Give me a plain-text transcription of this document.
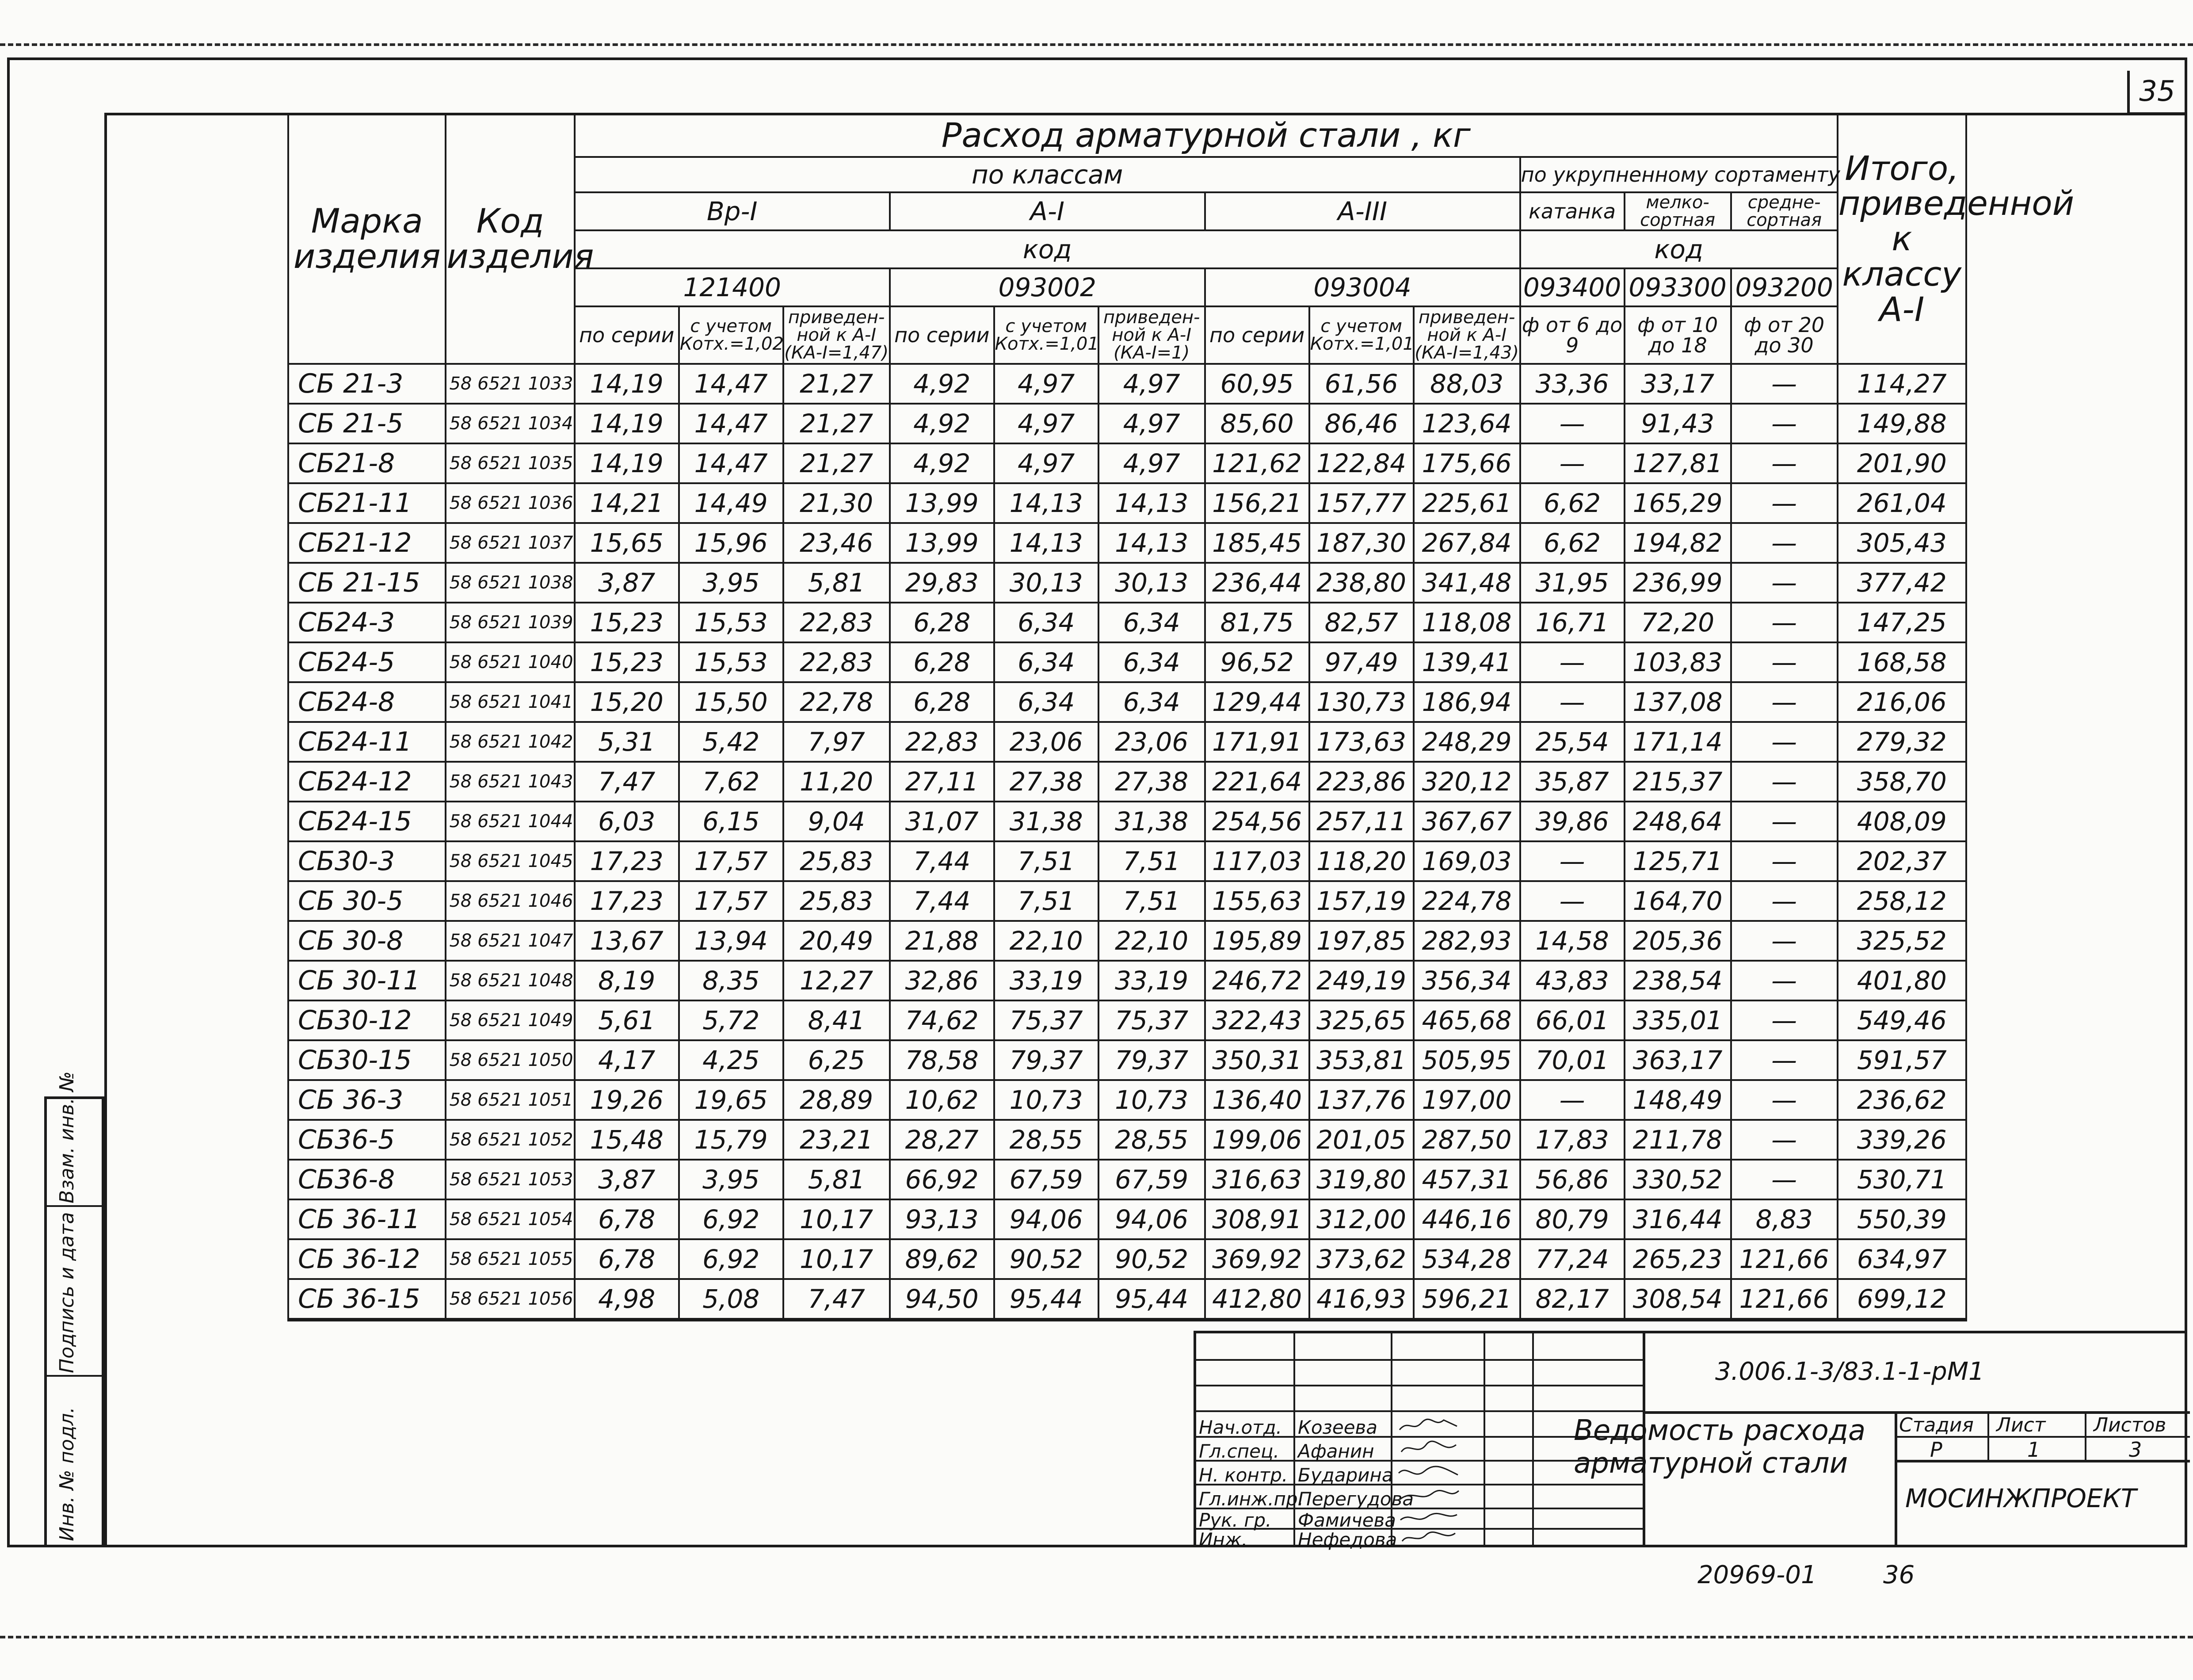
35
Взам. инв. №
Подпись и дата
Инв. № подл.
Марка изделия	Код изделия	Расход арматурной стали , кг												Итого, приведенной к классу А-I
		по классам									по укрупненному сортаменту			
		Вр-I			А-I			А-III			катанка	мелко-сортная	средне-сортная	
		код									код			
		121400			093002			093004			093400	093300	093200	
		по серии	с учетом Котх.=1,02	приведен-ной к А-I (КА-I=1,47)	по серии	с учетом Котх.=1,01	приведен-ной к А-I (КА-I=1)	по серии	с учетом Котх.=1,01	приведен-ной к А-I (КА-I=1,43)	ф от 6 до 9	ф от 10 до 18	ф от 20 до 30	
СБ 21-3	58 6521 1033	14,19	14,47	21,27	4,92	4,97	4,97	60,95	61,56	88,03	33,36	33,17	—	114,27
СБ 21-5	58 6521 1034	14,19	14,47	21,27	4,92	4,97	4,97	85,60	86,46	123,64	—	91,43	—	149,88
СБ21-8	58 6521 1035	14,19	14,47	21,27	4,92	4,97	4,97	121,62	122,84	175,66	—	127,81	—	201,90
СБ21-11	58 6521 1036	14,21	14,49	21,30	13,99	14,13	14,13	156,21	157,77	225,61	6,62	165,29	—	261,04
СБ21-12	58 6521 1037	15,65	15,96	23,46	13,99	14,13	14,13	185,45	187,30	267,84	6,62	194,82	—	305,43
СБ 21-15	58 6521 1038	3,87	3,95	5,81	29,83	30,13	30,13	236,44	238,80	341,48	31,95	236,99	—	377,42
СБ24-3	58 6521 1039	15,23	15,53	22,83	6,28	6,34	6,34	81,75	82,57	118,08	16,71	72,20	—	147,25
СБ24-5	58 6521 1040	15,23	15,53	22,83	6,28	6,34	6,34	96,52	97,49	139,41	—	103,83	—	168,58
СБ24-8	58 6521 1041	15,20	15,50	22,78	6,28	6,34	6,34	129,44	130,73	186,94	—	137,08	—	216,06
СБ24-11	58 6521 1042	5,31	5,42	7,97	22,83	23,06	23,06	171,91	173,63	248,29	25,54	171,14	—	279,32
СБ24-12	58 6521 1043	7,47	7,62	11,20	27,11	27,38	27,38	221,64	223,86	320,12	35,87	215,37	—	358,70
СБ24-15	58 6521 1044	6,03	6,15	9,04	31,07	31,38	31,38	254,56	257,11	367,67	39,86	248,64	—	408,09
СБ30-3	58 6521 1045	17,23	17,57	25,83	7,44	7,51	7,51	117,03	118,20	169,03	—	125,71	—	202,37
СБ 30-5	58 6521 1046	17,23	17,57	25,83	7,44	7,51	7,51	155,63	157,19	224,78	—	164,70	—	258,12
СБ 30-8	58 6521 1047	13,67	13,94	20,49	21,88	22,10	22,10	195,89	197,85	282,93	14,58	205,36	—	325,52
СБ 30-11	58 6521 1048	8,19	8,35	12,27	32,86	33,19	33,19	246,72	249,19	356,34	43,83	238,54	—	401,80
СБ30-12	58 6521 1049	5,61	5,72	8,41	74,62	75,37	75,37	322,43	325,65	465,68	66,01	335,01	—	549,46
СБ30-15	58 6521 1050	4,17	4,25	6,25	78,58	79,37	79,37	350,31	353,81	505,95	70,01	363,17	—	591,57
СБ 36-3	58 6521 1051	19,26	19,65	28,89	10,62	10,73	10,73	136,40	137,76	197,00	—	148,49	—	236,62
СБ36-5	58 6521 1052	15,48	15,79	23,21	28,27	28,55	28,55	199,06	201,05	287,50	17,83	211,78	—	339,26
СБ36-8	58 6521 1053	3,87	3,95	5,81	66,92	67,59	67,59	316,63	319,80	457,31	56,86	330,52	—	530,71
СБ 36-11	58 6521 1054	6,78	6,92	10,17	93,13	94,06	94,06	308,91	312,00	446,16	80,79	316,44	8,83	550,39
СБ 36-12	58 6521 1055	6,78	6,92	10,17	89,62	90,52	90,52	369,92	373,62	534,28	77,24	265,23	121,66	634,97
СБ 36-15	58 6521 1056	4,98	5,08	7,47	94,50	95,44	95,44	412,80	416,93	596,21	82,17	308,54	121,66	699,12
Нач.отд. Козеева
Гл.спец. Афанин
Н. контр. Бударина
Гл.инж.пр.
Перегудова
Рук. гр. Фамичева
Инж.	Нефедова
Стадия Лист Листов
Р	1	3
3.006.1-3/83.1-1-рМ1
Ведомость расхода
арматурной стали
МОСИНЖПРОЕКТ
20969-01	36
